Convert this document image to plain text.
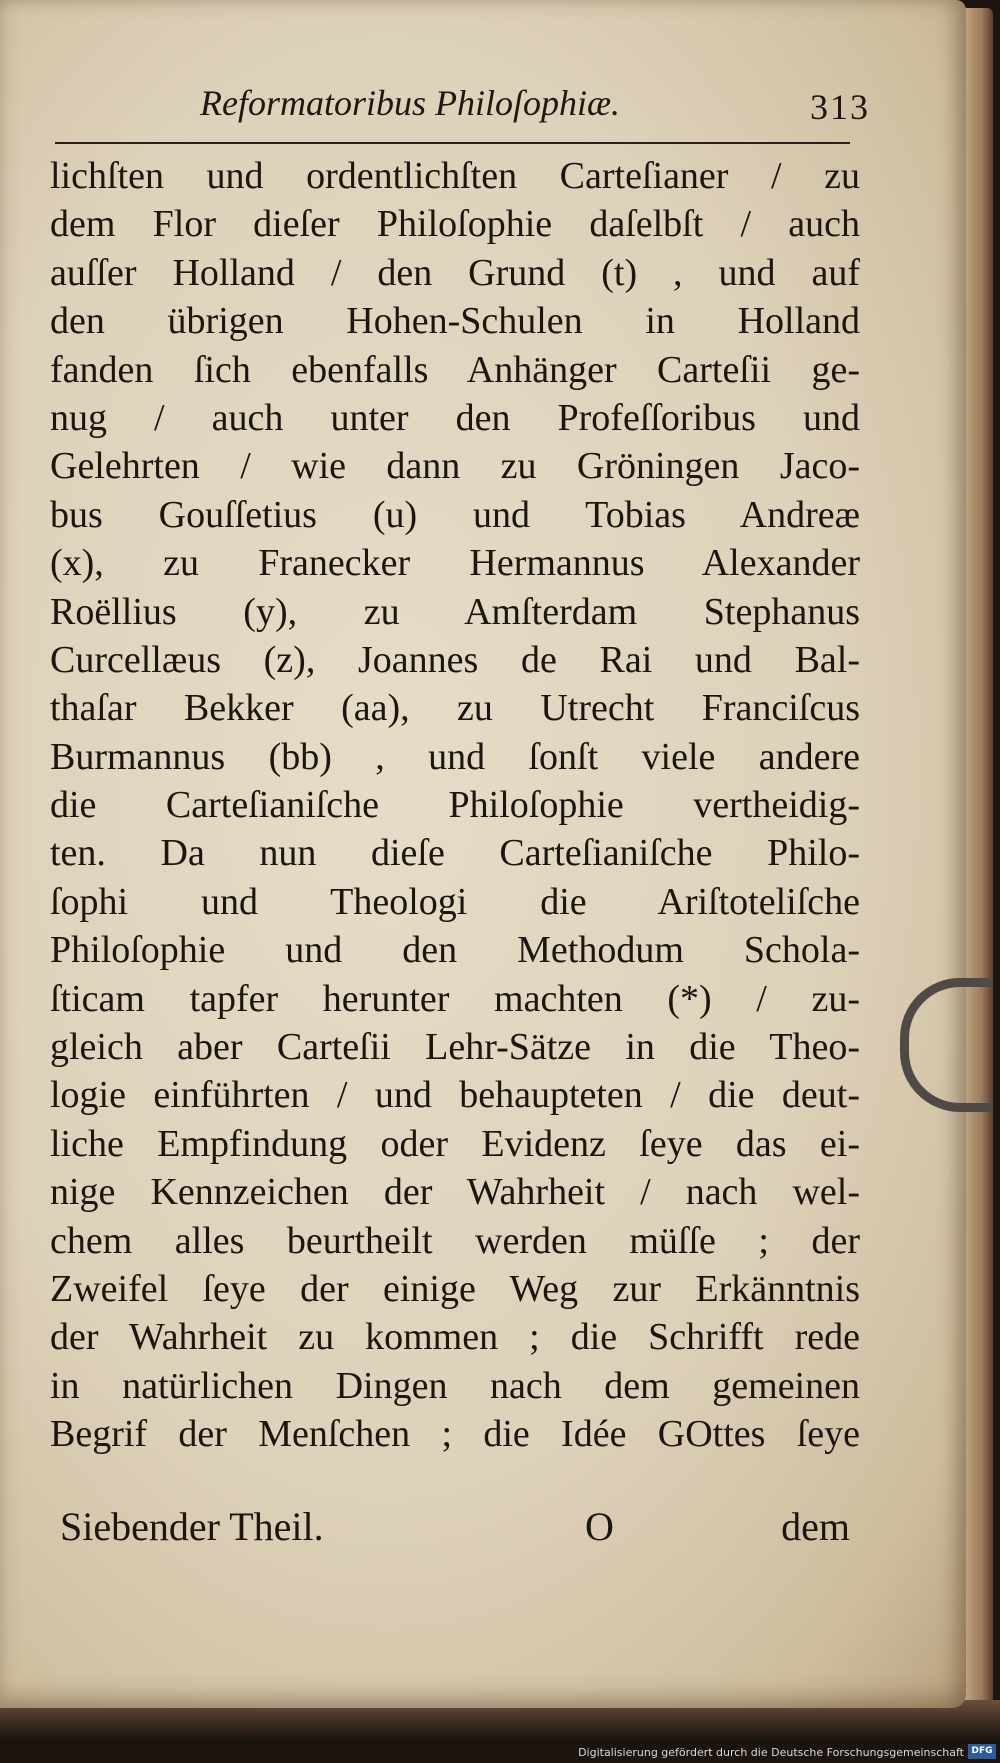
Reformatoribus Philoſophiæ.	313
lichſten und ordentlichſten Carteſianer / zu
dem Flor dieſer Philoſophie daſelbſt / auch
auſſer Holland / den Grund (t) , und auf
den übrigen Hohen-Schulen in Holland
fanden ſich ebenfalls Anhänger Carteſii ge-
nug / auch unter den Profeſſoribus und
Gelehrten / wie dann zu Gröningen Jaco-
bus Gouſſetius (u) und Tobias Andreæ
(x), zu Franecker Hermannus Alexander
Roëllius (y), zu Amſterdam Stephanus
Curcellæus (z), Joannes de Rai und Bal-
thaſar Bekker (aa), zu Utrecht Franciſcus
Burmannus (bb) , und ſonſt viele andere
die Carteſianiſche Philoſophie vertheidig-
ten. Da nun dieſe Carteſianiſche Philo-
ſophi und Theologi die Ariſtoteliſche
Philoſophie und den Methodum Schola-
ſticam tapfer herunter machten (*) / zu-
gleich aber Carteſii Lehr-Sätze in die Theo-
logie einführten / und behaupteten / die deut-
liche Empfindung oder Evidenz ſeye das ei-
nige Kennzeichen der Wahrheit / nach wel-
chem alles beurtheilt werden müſſe ; der
Zweifel ſeye der einige Weg zur Erkänntnis
der Wahrheit zu kommen ; die Schrifft rede
in natürlichen Dingen nach dem gemeinen
Begrif der Menſchen ; die Idée GOttes ſeye
Siebender Theil.	O	dem
Digitalisierung gefördert durch die Deutsche Forschungsgemeinschaft DFG
